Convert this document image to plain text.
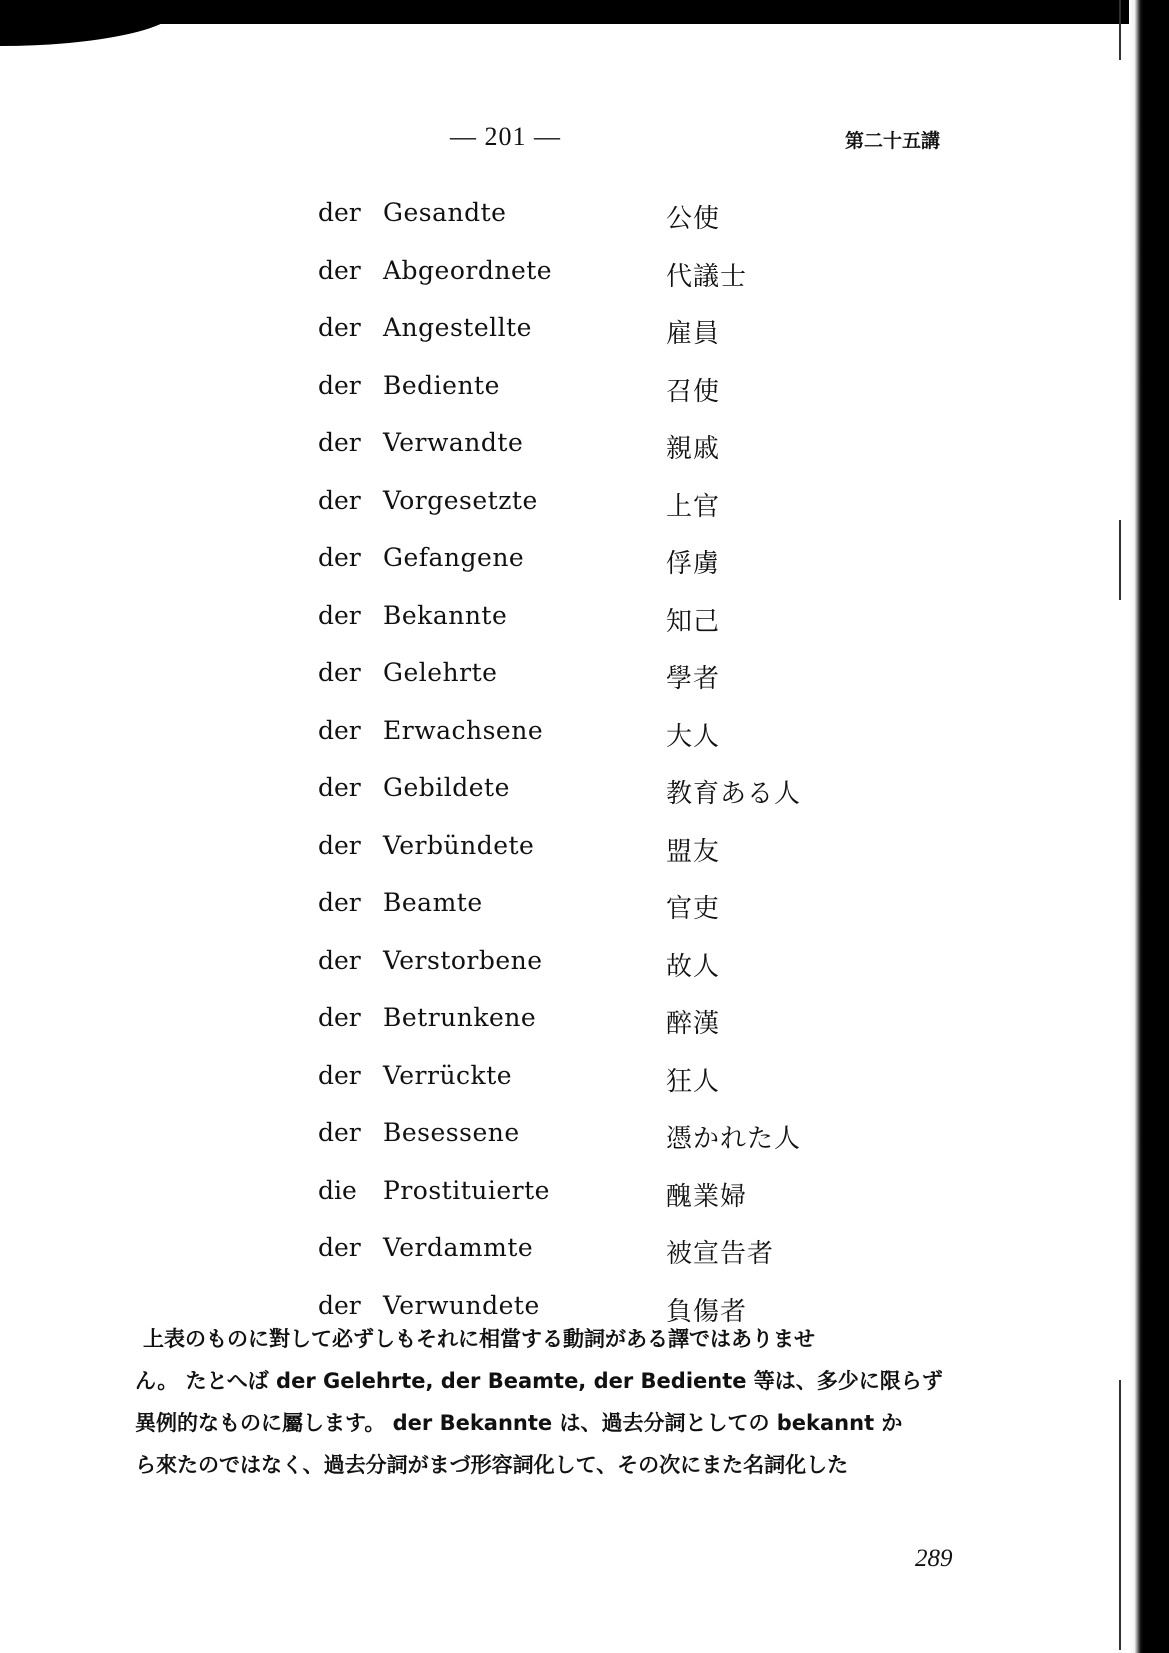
— 201 —	第二十五講
der Gesandte	公使
der Abgeordnete	代議士
der Angestellte	雇員
der Bediente	召使
der Verwandte	親戚
der Vorgesetzte	上官
der Gefangene	俘虜
der Bekannte	知己
der Gelehrte	學者
der Erwachsene	大人
der Gebildete	教育ある人
der Verbündete	盟友
der Beamte	官吏
der Verstorbene	故人
der Betrunkene	醉漢
der Verrückte	狂人
der Besessene	憑かれた人
die Prostituierte	醜業婦
der Verdammte	被宣告者
der Verwundete	負傷者
上表のものに對して必ずしもそれに相當する動詞がある譯ではありませ
ん。 たとへば der Gelehrte, der Beamte, der Bediente 等は、多少に限らず
異例的なものに屬します。 der Bekannte は、過去分詞としての bekannt か
ら來たのではなく、過去分詞がまづ形容詞化して、その次にまた名詞化した
289
